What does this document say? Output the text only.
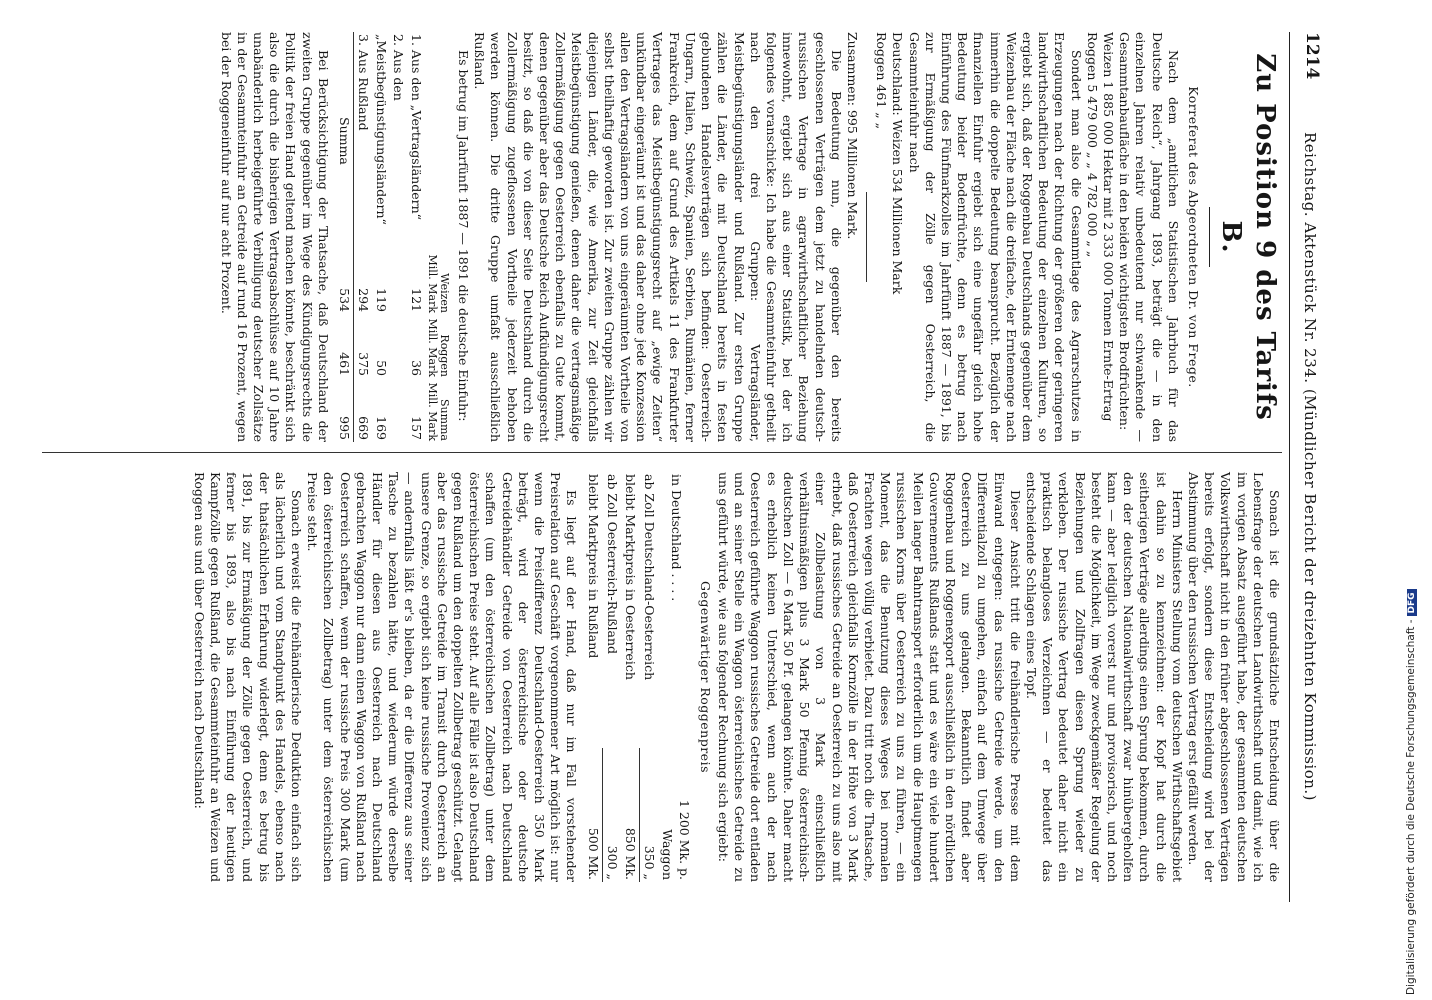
1214
Reichstag. Aktenstück Nr. 234. (Mündlicher Bericht der dreizehnten Kommission.)
Zu Position 9 des Tarifs B.
Korreferat des Abgeordneten Dr. von Frege.

Nach dem „amtlichen Statistischen Jahrbuch für das Deutsche Reich“, Jahrgang 1893, beträgt die — in den einzelnen Jahren relativ unbedeutend nur schwankende — Gesammtanbaufläche in den beiden wichtigsten Brodfrüchten:

Weizen 1 885 000 Hektar mit 2 333 000 Tonnen Ernte-Ertrag

Roggen 5 479 000 „ „ 4 782 000 „ „

Sondert man also die Gesammtlage des Agrarschutzes in Erzeugungen nach der Richtung der größeren oder geringeren landwirthschaftlichen Bedeutung der einzelnen Kulturen, so ergiebt sich, daß der Roggenbau Deutschlands gegenüber dem Weizenbau der Fläche nach die dreifache, der Erntemenge nach immerhin die doppelte Bedeutung beansprucht. Bezüglich der finanziellen Einfuhr ergiebt sich eine ungefähr gleich hohe Bedeutung beider Bodenfrüchte, denn es betrug nach Einführung des Fünfmarkzolles im Jahrfünft 1887 — 1891, bis zur Ermäßigung der Zölle gegen Oesterreich, die Gesammteinfuhr nach

Deutschland: Weizen 534 Millionen Mark

Roggen 461 „ „

Zusammen: 995 Millionen Mark.

Die Bedeutung nun, die gegenüber den bereits geschlossenen Verträgen dem jetzt zu handelnden deutsch-russischen Vertrage in agrarwirthschaftlicher Beziehung innewohnt, ergiebt sich aus einer Statistik, bei der ich folgendes voranschicke: Ich habe die Gesammteinfuhr getheilt nach den drei Gruppen: Vertragsländer, Meistbegünstigungsländer und Rußland. Zur ersten Gruppe zählen die Länder, die mit Deutschland bereits in festen gebundenen Handelsverträgen sich befinden: Oesterreich-Ungarn, Italien, Schweiz, Spanien, Serbien, Rumänien, ferner Frankreich, dem auf Grund des Artikels 11 des Frankfurter Vertrages das Meistbegünstigungsrecht auf „ewige Zeiten“ unkündbar eingeräumt ist und das daher ohne jede Konzession allen den Vertragsländern von uns eingeräumten Vortheile von selbst theilhaftig geworden ist. Zur zweiten Gruppe zählen wir diejenigen Länder, die, wie Amerika, zur Zeit gleichfalls Meistbegünstigung genießen, denen daher die vertragsmäßige Zollermäßigung gegen Oesterreich ebenfalls zu Gute kommt, denen gegenüber aber das Deutsche Reich Aufkündigungsrecht besitzt, so daß die von dieser Seite Deutschland durch die Zollermäßigung zugeflossenen Vortheile jederzeit behoben werden können. Die dritte Gruppe umfaßt ausschließlich Rußland.

Es betrug im Jahrfünft 1887 — 1891 die deutsche Einfuhr:

	Weizen Mill. Mark	Roggen Mill. Mark	Summa Mill. Mark
1. Aus den „Vertragsländern“	121	36	157
2. Aus den „Meistbegünstigungsländern“	119	50	169
3. Aus Rußland	294	375	669
Summa	534	461	995

Bei Berücksichtigung der Thatsache, daß Deutschland der zweiten Gruppe gegenüber im Wege des Kündigungsrechts die Politik der freien Hand geltend machen könnte, beschränkt sich also die durch die bisherigen Vertragsabschlüsse auf 10 Jahre unabänderlich herbeigeführte Verbilligung deutscher Zollsätze in der Gesammteinfuhr an Getreide auf rund 16 Prozent, wegen bei der Roggeneinfuhr auf nur acht Prozent.

Sonach ist die grundsätzliche Entscheidung über die Lebensfrage der deutschen Landwirthschaft und damit, wie ich im vorigen Absatz ausgeführt habe, der gesammten deutschen Volkswirthschaft nicht in den früher abgeschlossenen Verträgen bereits erfolgt, sondern diese Entscheidung wird bei der Abstimmung über den russischen Vertrag erst gefällt werden.

Herrn Ministers Stellung vom deutschen Wirthschaftsgebiet ist dahin so zu kennzeichnen: der Kopf hat durch die seitherigen Verträge allerdings einen Sprung bekommen, durch den der deutschen Nationalwirthschaft zwar hinübergeholfen kann — aber lediglich vorerst nur und provisorisch, und noch besteht die Möglichkeit, im Wege zweckgemäßer Regelung der Beziehungen und Zollfragen diesen Sprung wieder zu verkleben. Der russische Vertrag bedeutet daher nicht ein praktisch belangloses Verzeichnen — er bedeutet das entscheidende Schlagen eines Topf.

Dieser Ansicht tritt die freihändlerische Presse mit dem Einwand entgegen: das russische Getreide werde, um den Differentialzoll zu umgehen, einfach auf dem Umwege über Oesterreich zu uns gelangen. Bekanntlich findet aber Roggenbau und Roggenexport ausschließlich in den nördlichen Gouvernements Rußlands statt und es wäre ein viele hundert Meilen langer Bahntransport erforderlich um die Hauptmengen russischen Korns über Oesterreich zu uns zu führen, — ein Moment, das die Benutzung dieses Weges bei normalen Frachten wegen völlig verbietet. Dazu tritt noch die Thatsache, daß Oesterreich gleichfalls Kornzölle in der Höhe von 3 Mark erhebt, daß russisches Getreide an Oesterreich zu uns also mit einer Zollbelastung von 3 Mark einschließlich verhältnismäßigen plus 3 Mark 50 Pfennig österreichisch-deutschen Zoll — 6 Mark 50 Pf. gelangen könnte. Daher macht es erheblich keinen Unterschied, wenn auch der nach Oesterreich geführte Waggon russisches Getreide dort entladen und an seiner Stelle ein Waggon österreichisches Getreide zu uns geführt würde, wie aus folgender Rechnung sich ergiebt:

Gegenwärtiger Roggenpreis
in Deutschland . . . .	1 200 Mk. p. Waggon
ab Zoll Deutschland-Oesterreich	350 „
bleibt Marktpreis in Oesterreich	850 Mk.
ab Zoll Oesterreich-Rußland	300 „
bleibt Marktpreis in Rußland	500 Mk.

Es liegt auf der Hand, daß nur im Fall vorstehender Preisrelation auf Geschäft vorgenommener Art möglich ist: nur wenn die Preisdifferenz Deutschland-Oesterreich 350 Mark beträgt, wird der österreichische oder deutsche Getreidehändler Getreide von Oesterreich nach Deutschland schaffen (um den österreichischen Zollbetrag) unter dem österreichischen Preise steht. Auf alle Fälle ist also Deutschland gegen Rußland um den doppelten Zollbetrag geschützt. Gelangt aber das russische Getreide im Transit durch Oesterreich an unsere Grenze, so ergiebt sich keine russische Provenienz sich — andernfalls läßt er's bleiben, da er die Differenz aus seiner Tasche zu bezahlen hätte, und wiederum würde derselbe Händler für diesen aus Oesterreich nach Deutschland gebrachten Waggon nur dann einen Waggon von Rußland nach Oesterreich schaffen, wenn der russische Preis 300 Mark (um den österreichischen Zollbetrag) unter dem österreichischen Preise steht.

Sonach erweist die freihändlerische Deduktion einfach sich als lächerlich und vom Standpunkt des Handels, ebenso nach der thatsächlichen Erfahrung widerlegt, denn es betrug bis 1891, bis zur Ermäßigung der Zölle gegen Oesterreich, und ferner bis 1893, also bis nach Einführung der heutigen Kampfzölle gegen Rußland, die Gesammteinfuhr an Weizen und Roggen aus und über Oesterreich nach Deutschland:	Digitalisierung gefördert durch die Deutsche Forschungsgemeinschaft -DFG
